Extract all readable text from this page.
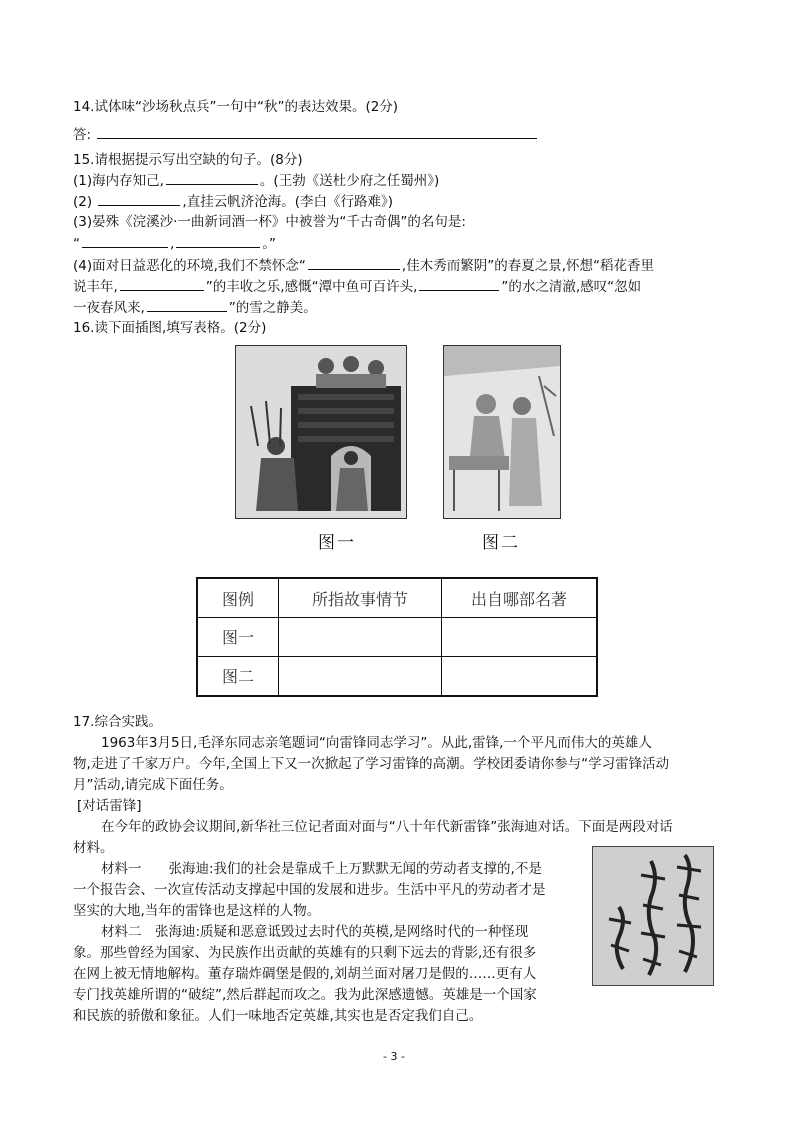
14.试体味“沙场秋点兵”一句中“秋”的表达效果。(2分)
答:
15.请根据提示写出空缺的句子。(8分)
(1)海内存知己,	。(王勃《送杜少府之任蜀州》)
(2)	,直挂云帆济沧海。(李白《行路难》)
(3)晏殊《浣溪沙·一曲新词酒一杯》中被誉为“千古奇偶”的名句是:
“	,	。”
(4)面对日益恶化的环境,我们不禁怀念“	,佳木秀而繁阴”的春夏之景,怀想“稻花香里
说丰年,	”的丰收之乐,感慨“潭中鱼可百许头,	”的水之清澈,感叹“忽如
一夜春风来,	”的雪之静美。
16.读下面插图,填写表格。(2分)
图一	图二
图例	所指故事情节	出自哪部名著
图一		
图二		
17.综合实践。
1963年3月5日,毛泽东同志亲笔题词“向雷锋同志学习”。从此,雷锋,一个平凡而伟大的英雄人
物,走进了千家万户。今年,全国上下又一次掀起了学习雷锋的高潮。学校团委请你参与“学习雷锋活动
月”活动,请完成下面任务。
[对话雷锋]
在今年的政协会议期间,新华社三位记者面对面与“八十年代新雷锋”张海迪对话。下面是两段对话
材料。
材料一　　张海迪:我们的社会是靠成千上万默默无闻的劳动者支撑的,不是
一个报告会、一次宣传活动支撑起中国的发展和进步。生活中平凡的劳动者才是
坚实的大地,当年的雷锋也是这样的人物。
材料二　张海迪:质疑和恶意诋毁过去时代的英模,是网络时代的一种怪现
象。那些曾经为国家、为民族作出贡献的英雄有的只剩下远去的背影,还有很多
在网上被无情地解构。董存瑞炸碉堡是假的,刘胡兰面对屠刀是假的……更有人
专门找英雄所谓的“破绽”,然后群起而攻之。我为此深感遗憾。英雄是一个国家
和民族的骄傲和象征。人们一味地否定英雄,其实也是否定我们自己。
- 3 -
